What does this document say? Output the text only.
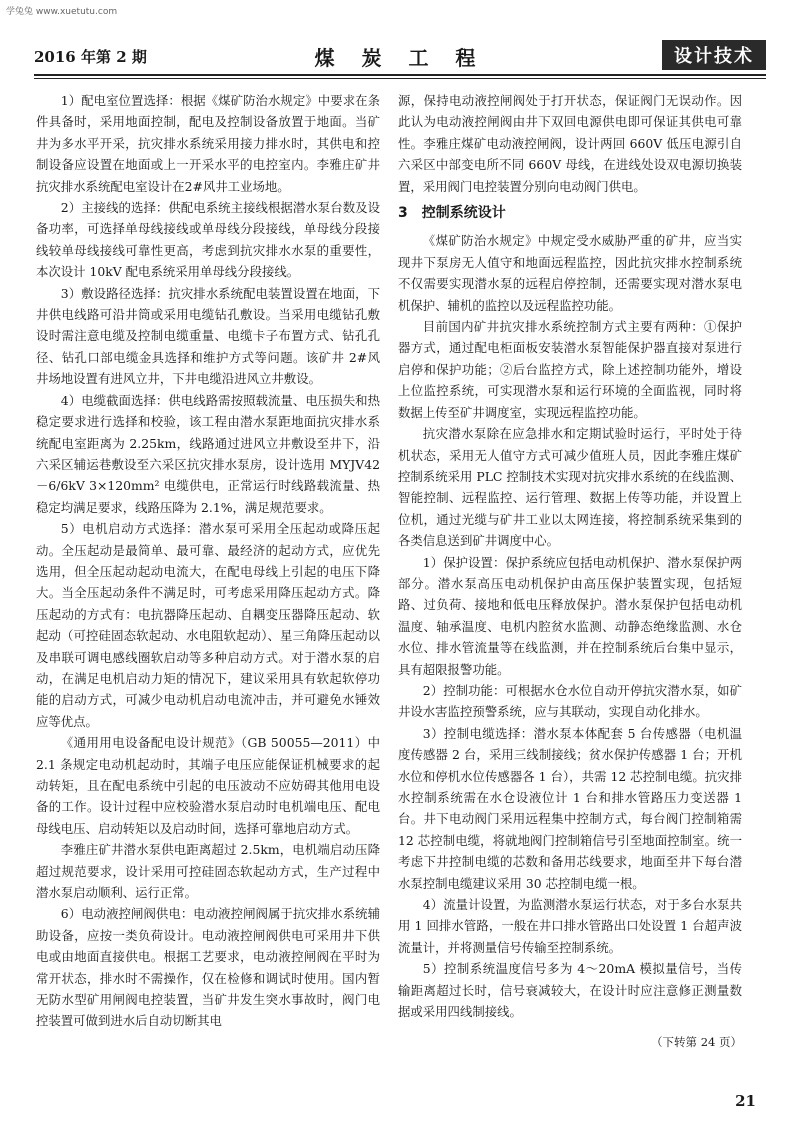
学兔兔 www.xuetutu.com
2016 年第 2 期	煤 炭 工 程	设计技术

1）配电室位置选择：根据《煤矿防治水规定》中要求在条件具备时，采用地面控制，配电及控制设备放置于地面。当矿井为多水平开采，抗灾排水系统采用接力排水时，其供电和控制设备应设置在地面或上一开采水平的电控室内。李雅庄矿井抗灾排水系统配电室设计在2#风井工业场地。

2）主接线的选择：供配电系统主接线根据潜水泵台数及设备功率，可选择单母线接线或单母线分段接线，单母线分段接线较单母线接线可靠性更高，考虑到抗灾排水水泵的重要性，本次设计 10kV 配电系统采用单母线分段接线。

3）敷设路径选择：抗灾排水系统配电装置设置在地面，下井供电线路可沿井筒或采用电缆钻孔敷设。当采用电缆钻孔敷设时需注意电缆及控制电缆重量、电缆卡子布置方式、钻孔孔径、钻孔口部电缆金具选择和维护方式等问题。该矿井 2#风井场地设置有进风立井，下井电缆沿进风立井敷设。

4）电缆截面选择：供电线路需按照载流量、电压损失和热稳定要求进行选择和校验，该工程由潜水泵距地面抗灾排水系统配电室距离为 2.25km，线路通过进风立井敷设至井下，沿六采区辅运巷敷设至六采区抗灾排水泵房，设计选用 MYJV42－6/6kV 3×120mm² 电缆供电，正常运行时线路载流量、热稳定均满足要求，线路压降为 2.1%，满足规范要求。

5）电机启动方式选择：潜水泵可采用全压起动或降压起动。全压起动是最简单、最可靠、最经济的起动方式，应优先选用，但全压起动起动电流大，在配电母线上引起的电压下降大。当全压起动条件不满足时，可考虑采用降压起动方式。降压起动的方式有：电抗器降压起动、自耦变压器降压起动、软起动（可控硅固态软起动、水电阻软起动）、星三角降压起动以及串联可调电感线圈软启动等多种启动方式。对于潜水泵的启动，在满足电机启动力矩的情况下，建议采用具有软起软停功能的启动方式，可减少电动机启动电流冲击，并可避免水锤效应等优点。

《通用用电设备配电设计规范》（GB 50055—2011）中 2.1 条规定电动机起动时，其端子电压应能保证机械要求的起动转矩，且在配电系统中引起的电压波动不应妨碍其他用电设备的工作。设计过程中应校验潜水泵启动时电机端电压、配电母线电压、启动转矩以及启动时间，选择可靠地启动方式。

李雅庄矿井潜水泵供电距离超过 2.5km，电机端启动压降超过规范要求，设计采用可控硅固态软起动方式，生产过程中潜水泵启动顺利、运行正常。

6）电动液控闸阀供电：电动液控闸阀属于抗灾排水系统辅助设备，应按一类负荷设计。电动液控闸阀供电可采用井下供电或由地面直接供电。根据工艺要求，电动液控闸阀在平时为常开状态，排水时不需操作，仅在检修和调试时使用。国内暂无防水型矿用闸阀电控装置，当矿井发生突水事故时，阀门电控装置可做到进水后自动切断其电

源，保持电动液控闸阀处于打开状态，保证阀门无误动作。因此认为电动液控闸阀由井下双回电源供电即可保证其供电可靠性。李雅庄煤矿电动液控闸阀，设计两回 660V 低压电源引自六采区中部变电所不同 660V 母线，在进线处设双电源切换装置，采用阀门电控装置分别向电动阀门供电。

3　控制系统设计

《煤矿防治水规定》中规定受水威胁严重的矿井，应当实现井下泵房无人值守和地面远程监控，因此抗灾排水控制系统不仅需要实现潜水泵的远程启停控制，还需要实现对潜水泵电机保护、辅机的监控以及远程监控功能。

目前国内矿井抗灾排水系统控制方式主要有两种：①保护器方式，通过配电柜面板安装潜水泵智能保护器直接对泵进行启停和保护功能；②后台监控方式，除上述控制功能外，增设上位监控系统，可实现潜水泵和运行环境的全面监视，同时将数据上传至矿井调度室，实现远程监控功能。

抗灾潜水泵除在应急排水和定期试验时运行，平时处于待机状态，采用无人值守方式可减少值班人员，因此李雅庄煤矿控制系统采用 PLC 控制技术实现对抗灾排水系统的在线监测、智能控制、远程监控、运行管理、数据上传等功能，并设置上位机，通过光缆与矿井工业以太网连接，将控制系统采集到的各类信息送到矿井调度中心。

1）保护设置：保护系统应包括电动机保护、潜水泵保护两部分。潜水泵高压电动机保护由高压保护装置实现，包括短路、过负荷、接地和低电压释放保护。潜水泵保护包括电动机温度、轴承温度、电机内腔贫水监测、动静态绝缘监测、水仓水位、排水管流量等在线监测，并在控制系统后台集中显示，具有超限报警功能。

2）控制功能：可根据水仓水位自动开停抗灾潜水泵，如矿井设水害监控预警系统，应与其联动，实现自动化排水。

3）控制电缆选择：潜水泵本体配套 5 台传感器（电机温度传感器 2 台，采用三线制接线；贫水保护传感器 1 台；开机水位和停机水位传感器各 1 台），共需 12 芯控制电缆。抗灾排水控制系统需在水仓设液位计 1 台和排水管路压力变送器 1 台。井下电动阀门采用远程集中控制方式，每台阀门控制箱需 12 芯控制电缆，将就地阀门控制箱信号引至地面控制室。统一考虑下井控制电缆的芯数和备用芯线要求，地面至井下每台潜水泵控制电缆建议采用 30 芯控制电缆一根。

4）流量计设置，为监测潜水泵运行状态，对于多台水泵共用 1 回排水管路，一般在井口排水管路出口处设置 1 台超声波流量计，并将测量信号传输至控制系统。

5）控制系统温度信号多为 4～20mA 模拟量信号，当传输距离超过长时，信号衰减较大，在设计时应注意修正测量数据或采用四线制接线。

（下转第 24 页）
21
